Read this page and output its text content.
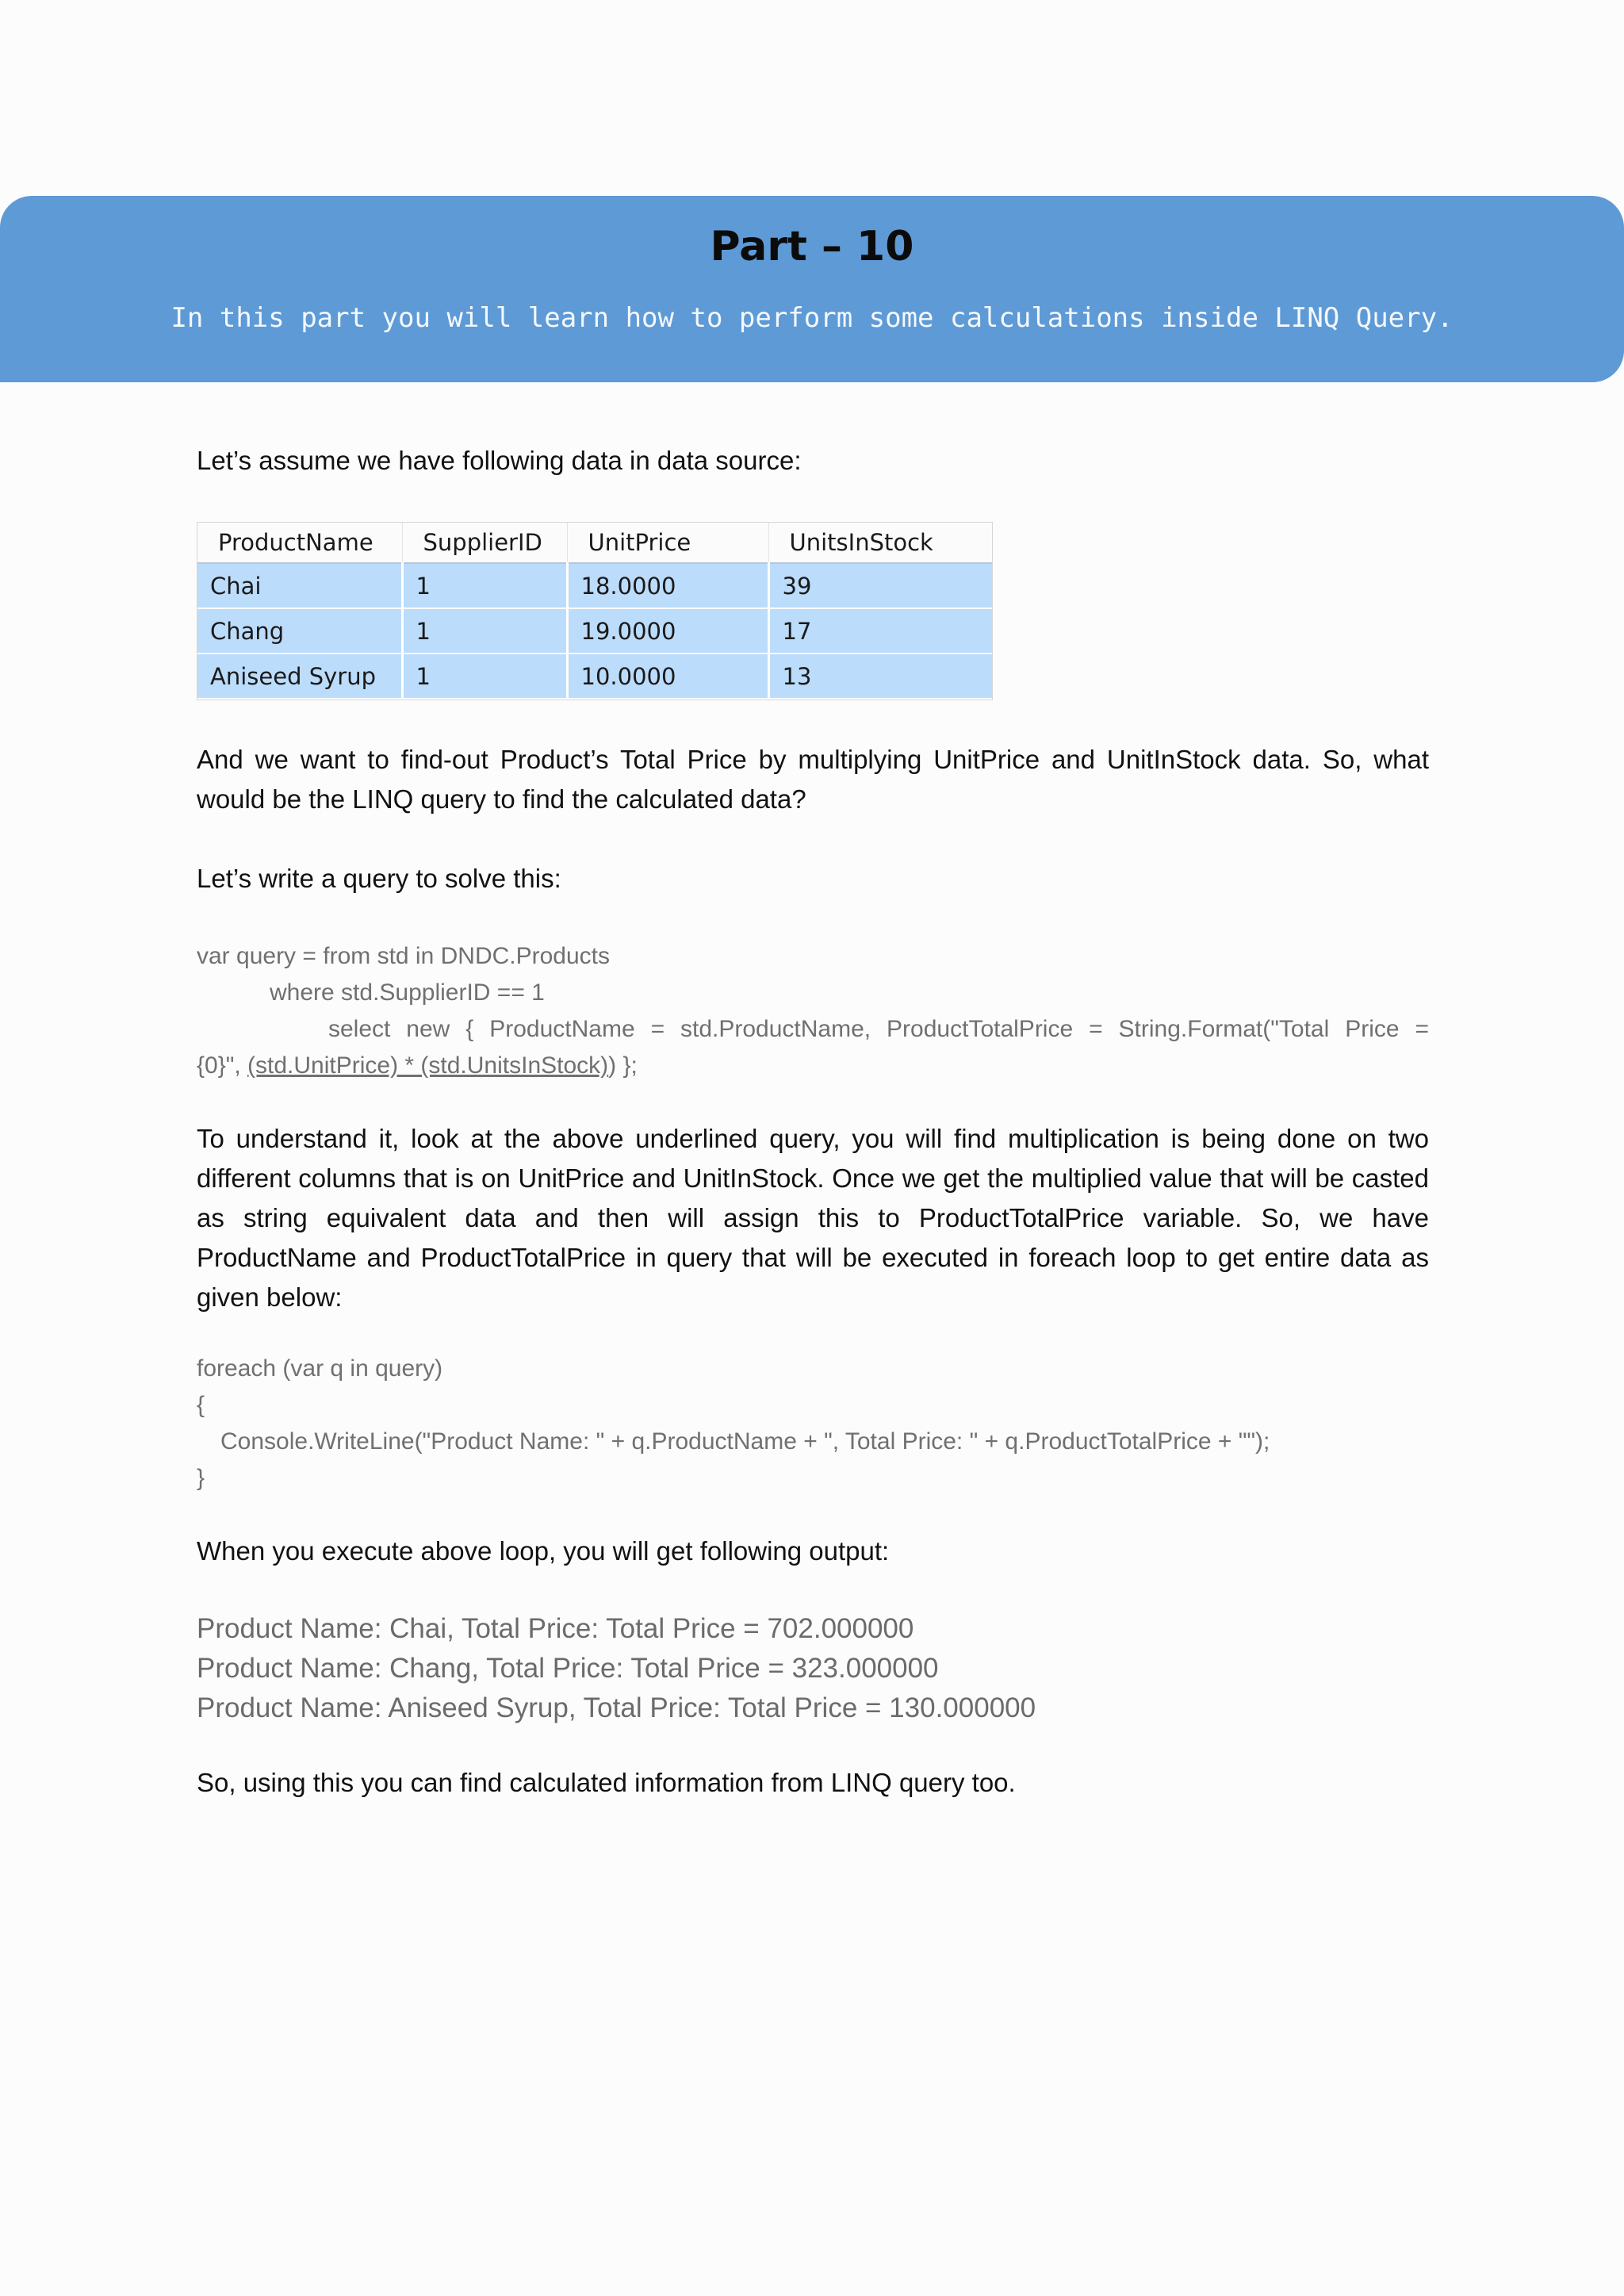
Part – 10
In this part you will learn how to perform some calculations inside LINQ Query.

Let’s assume we have following data in data source:

ProductName	SupplierID	UnitPrice	UnitsInStock
Chai	1	18.0000	39
Chang	1	19.0000	17
Aniseed Syrup	1	10.0000	13

And we want to find-out Product’s Total Price by multiplying UnitPrice and UnitInStock data. So, what would be the LINQ query to find the calculated data?

Let’s write a query to solve this:

var query = from std in DNDC.Products

where std.SupplierID == 1

select new { ProductName = std.ProductName, ProductTotalPrice = String.Format("Total Price =

{0}", (std.UnitPrice) * (std.UnitsInStock)) };

To understand it, look at the above underlined query, you will find multiplication is being done on two different columns that is on UnitPrice and UnitInStock. Once we get the multiplied value that will be casted as string equivalent data and then will assign this to ProductTotalPrice variable. So, we have ProductName and ProductTotalPrice in query that will be executed in foreach loop to get entire data as given below:

foreach (var q in query)

{

Console.WriteLine("Product Name: " + q.ProductName + ", Total Price: " + q.ProductTotalPrice + "");

}

When you execute above loop, you will get following output:

Product Name: Chai, Total Price: Total Price = 702.000000

Product Name: Chang, Total Price: Total Price = 323.000000

Product Name: Aniseed Syrup, Total Price: Total Price = 130.000000

So, using this you can find calculated information from LINQ query too.
